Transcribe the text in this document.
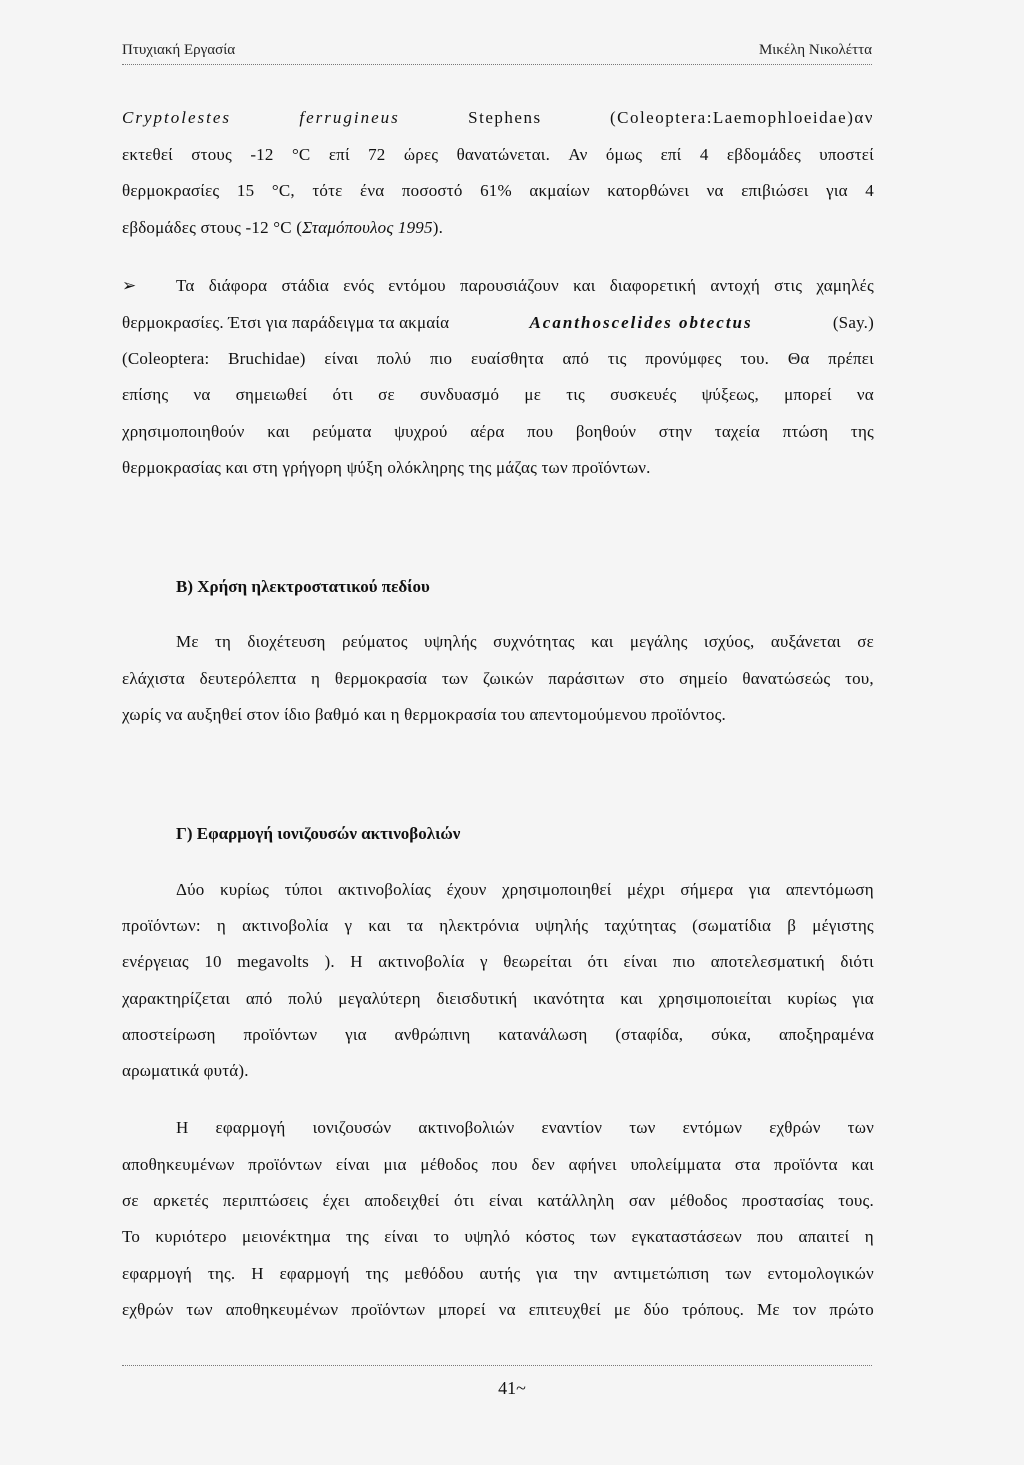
Πτυχιακή Εργασία	Μικέλη Νικολέττα
Cryptolestes	ferrugineus	Stephens	(Coleoptera:Laemophloeidae)αν
εκτεθεί στους -12 °C επί 72 ώρες θανατώνεται. Αν όμως επί 4 εβδομάδες υποστεί
θερμοκρασίες 15 °C, τότε ένα ποσοστό 61% ακμαίων κατορθώνει να επιβιώσει για 4
εβδομάδες στους -12 °C (Σταμόπουλος 1995).
➢ Τα διάφορα στάδια ενός εντόμου παρουσιάζουν και διαφορετική αντοχή στις χαμηλές
θερμοκρασίες. Έτσι για παράδειγμα τα ακμαία	Acanthoscelides obtectus	(Say.)
(Coleoptera: Bruchidae) είναι πολύ πιο ευαίσθητα από τις προνύμφες του. Θα πρέπει
επίσης να σημειωθεί ότι σε συνδυασμό με τις συσκευές ψύξεως, μπορεί να
χρησιμοποιηθούν και ρεύματα ψυχρού αέρα που βοηθούν στην ταχεία πτώση της
θερμοκρασίας και στη γρήγορη ψύξη ολόκληρης της μάζας των προϊόντων.
Β) Χρήση ηλεκτροστατικού πεδίου
Με τη διοχέτευση ρεύματος υψηλής συχνότητας και μεγάλης ισχύος, αυξάνεται σε
ελάχιστα δευτερόλεπτα η θερμοκρασία των ζωικών παράσιτων στο σημείο θανατώσεώς του,
χωρίς να αυξηθεί στον ίδιο βαθμό και η θερμοκρασία του απεντομούμενου προϊόντος.
Γ) Εφαρμογή ιονιζουσών ακτινοβολιών
Δύο κυρίως τύποι ακτινοβολίας έχουν χρησιμοποιηθεί μέχρι σήμερα για απεντόμωση
προϊόντων: η ακτινοβολία γ και τα ηλεκτρόνια υψηλής ταχύτητας (σωματίδια β μέγιστης
ενέργειας 10 megavolts ). Η ακτινοβολία γ θεωρείται ότι είναι πιο αποτελεσματική διότι
χαρακτηρίζεται από πολύ μεγαλύτερη διεισδυτική ικανότητα και χρησιμοποιείται κυρίως για
αποστείρωση προϊόντων για ανθρώπινη κατανάλωση (σταφίδα, σύκα, αποξηραμένα
αρωματικά φυτά).
Η εφαρμογή ιονιζουσών ακτινοβολιών εναντίον των εντόμων εχθρών των
αποθηκευμένων προϊόντων είναι μια μέθοδος που δεν αφήνει υπολείμματα στα προϊόντα και
σε αρκετές περιπτώσεις έχει αποδειχθεί ότι είναι κατάλληλη σαν μέθοδος προστασίας τους.
Το κυριότερο μειονέκτημα της είναι το υψηλό κόστος των εγκαταστάσεων που απαιτεί η
εφαρμογή της. Η εφαρμογή της μεθόδου αυτής για την αντιμετώπιση των εντομολογικών
εχθρών των αποθηκευμένων προϊόντων μπορεί να επιτευχθεί με δύο τρόπους. Με τον πρώτο
41~
